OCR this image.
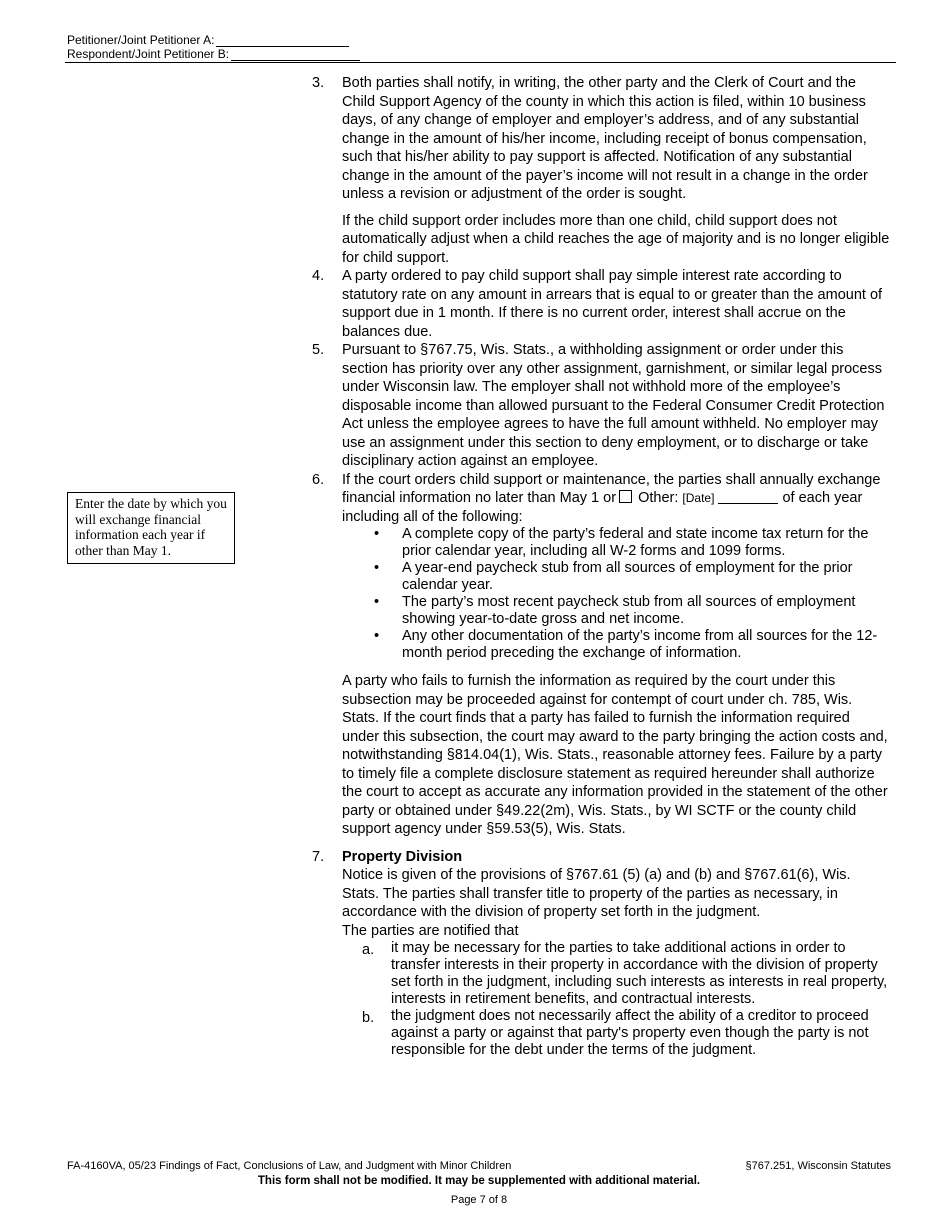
Petitioner/Joint Petitioner A:
Respondent/Joint Petitioner B:
Enter the date by which you will exchange financial information each year if other than May 1.
3. Both parties shall notify, in writing, the other party and the Clerk of Court and the Child Support Agency of the county in which this action is filed, within 10 business days, of any change of employer and employer’s address, and of any substantial change in the amount of his/her income, including receipt of bonus compensation, such that his/her ability to pay support is affected. Notification of any substantial change in the amount of the payer’s income will not result in a change in the order unless a revision or adjustment of the order is sought.

If the child support order includes more than one child, child support does not automatically adjust when a child reaches the age of majority and is no longer eligible for child support.

4. A party ordered to pay child support shall pay simple interest rate according to statutory rate on any amount in arrears that is equal to or greater than the amount of support due in 1 month. If there is no current order, interest shall accrue on the balances due.

5. Pursuant to §767.75, Wis. Stats., a withholding assignment or order under this section has priority over any other assignment, garnishment, or similar legal process under Wisconsin law. The employer shall not withhold more of the employee’s disposable income than allowed pursuant to the Federal Consumer Credit Protection Act unless the employee agrees to have the full amount withheld. No employer may use an assignment under this section to deny employment, or to discharge or take disciplinary action against an employee.

6. If the court orders child support or maintenance, the parties shall annually exchange financial information no later than May 1 or Other: [Date]	of each year including all of the following:

• A complete copy of the party’s federal and state income tax return for the prior calendar year, including all W-2 forms and 1099 forms.
• A year-end paycheck stub from all sources of employment for the prior calendar year.
• The party’s most recent paycheck stub from all sources of employment showing year-to-date gross and net income.
• Any other documentation of the party’s income from all sources for the 12-month period preceding the exchange of information.

A party who fails to furnish the information as required by the court under this subsection may be proceeded against for contempt of court under ch. 785, Wis. Stats. If the court finds that a party has failed to furnish the information required under this subsection, the court may award to the party bringing the action costs and, notwithstanding §814.04(1), Wis. Stats., reasonable attorney fees. Failure by a party to timely file a complete disclosure statement as required hereunder shall authorize the court to accept as accurate any information provided in the statement of the other party or obtained under §49.22(2m), Wis. Stats., by WI SCTF or the county child support agency under §59.53(5), Wis. Stats.

7. Property Division

Notice is given of the provisions of §767.61 (5) (a) and (b) and §767.61(6), Wis. Stats. The parties shall transfer title to property of the parties as necessary, in accordance with the division of property set forth in the judgment.

The parties are notified that

a. it may be necessary for the parties to take additional actions in order to transfer interests in their property in accordance with the division of property set forth in the judgment, including such interests as interests in real property, interests in retirement benefits, and contractual interests.
b. the judgment does not necessarily affect the ability of a creditor to proceed against a party or against that party's property even though the party is not responsible for the debt under the terms of the judgment.
FA-4160VA, 05/23 Findings of Fact, Conclusions of Law, and Judgment with Minor Children	§767.251, Wisconsin Statutes
This form shall not be modified. It may be supplemented with additional material.
Page 7 of 8
